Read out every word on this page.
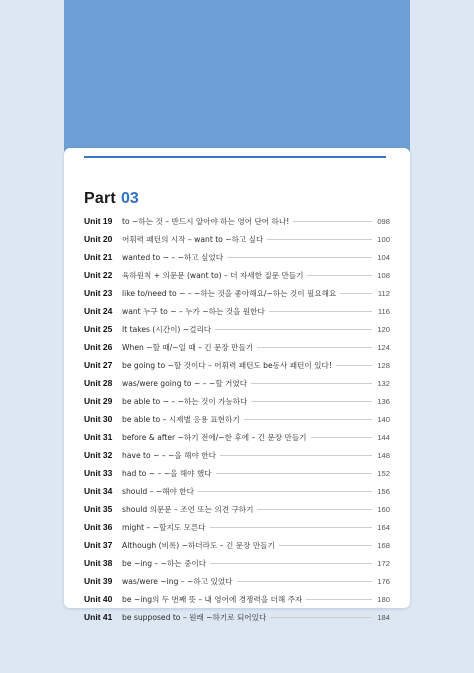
Part 03
Unit 19	to ~하는 것 – 반드시 알아야 하는 영어 단어 하나!	098
Unit 20	어휘력 패턴의 시작 – want to ~하고 싶다	100
Unit 21	wanted to ~ – ~하고 싶었다	104
Unit 22	육하원칙 + 의문문 (want to) – 더 자세한 질문 만들기	108
Unit 23	like to/need to ~ – ~하는 것을 좋아해요/~하는 것이 필요해요	112
Unit 24	want 누구 to ~ – 누가 ~하는 것을 원한다	116
Unit 25	It takes (시간이) ~걸리다	120
Unit 26	When ~할 때/~일 때 – 긴 문장 만들기	124
Unit 27	be going to ~할 것이다 – 어휘력 패턴도 be동사 패턴이 있다!	128
Unit 28	was/were going to ~ – ~할 거였다	132
Unit 29	be able to ~ – ~하는 것이 가능하다	136
Unit 30	be able to – 시제별 응용 표현하기	140
Unit 31	before & after ~하기 전에/~한 후에 – 긴 문장 만들기	144
Unit 32	have to ~ – ~을 해야 한다	148
Unit 33	had to ~ – ~을 해야 했다	152
Unit 34	should – ~해야 한다	156
Unit 35	should 의문문 – 조언 또는 의견 구하기	160
Unit 36	might – ~할지도 모른다	164
Unit 37	Although (비록) ~하더라도 – 긴 문장 만들기	168
Unit 38	be ~ing – ~하는 중이다	172
Unit 39	was/were ~ing – ~하고 있었다	176
Unit 40	be ~ing의 두 번째 뜻 – 내 영어에 경쟁력을 더해 주자	180
Unit 41	be supposed to – 원래 ~하기로 되어있다	184
